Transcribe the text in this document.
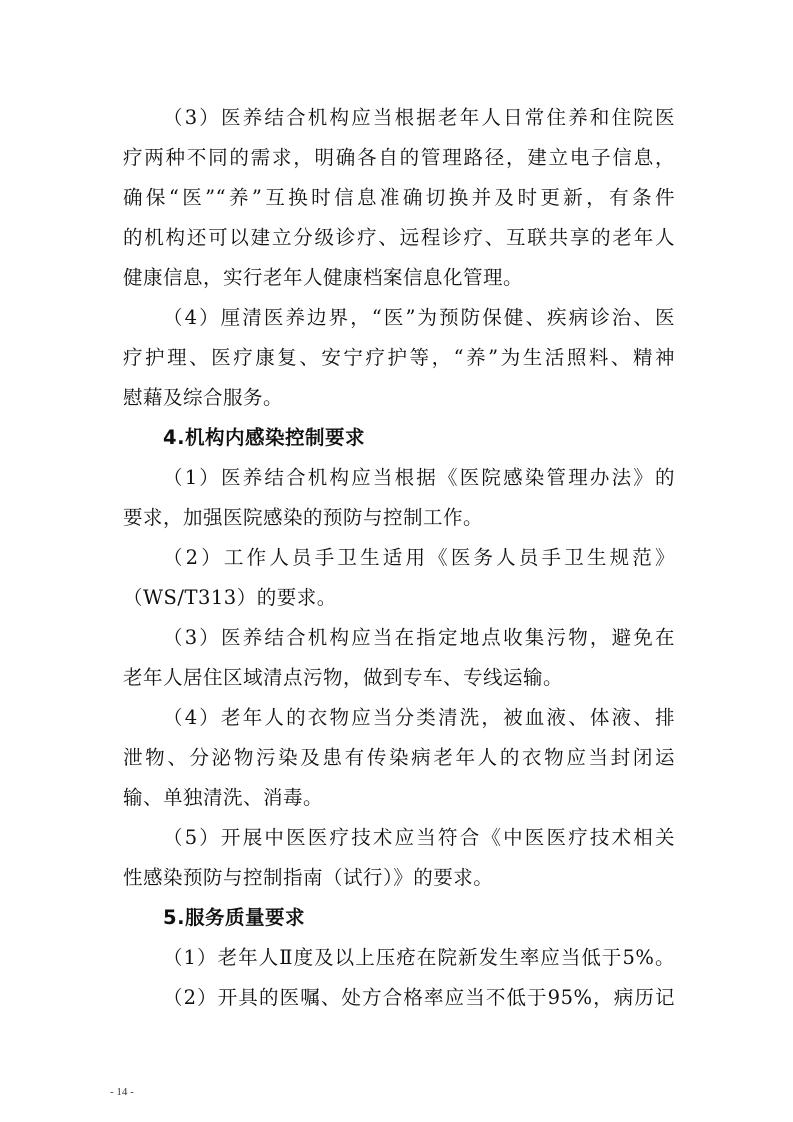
- 14 -
（3）医养结合机构应当根据老年人日常住养和住院医
疗两种不同的需求，明确各自的管理路径，建立电子信息，
确保“医”“养”互换时信息准确切换并及时更新，有条件
的机构还可以建立分级诊疗、远程诊疗、互联共享的老年人
健康信息，实行老年人健康档案信息化管理。
（4）厘清医养边界，“医”为预防保健、疾病诊治、医
疗护理、医疗康复、安宁疗护等，“养”为生活照料、精神
慰藉及综合服务。
4.机构内感染控制要求
（1）医养结合机构应当根据《医院感染管理办法》的
要求，加强医院感染的预防与控制工作。
（2）工作人员手卫生适用《医务人员手卫生规范》
（WS/T313）的要求。
（3）医养结合机构应当在指定地点收集污物，避免在
老年人居住区域清点污物，做到专车、专线运输。
（4）老年人的衣物应当分类清洗，被血液、体液、排
泄物、分泌物污染及患有传染病老年人的衣物应当封闭运
输、单独清洗、消毒。
（5）开展中医医疗技术应当符合《中医医疗技术相关
性感染预防与控制指南（试行）》的要求。
5.服务质量要求
（1）老年人Ⅱ度及以上压疮在院新发生率应当低于5%。
（2）开具的医嘱、处方合格率应当不低于95%，病历记
